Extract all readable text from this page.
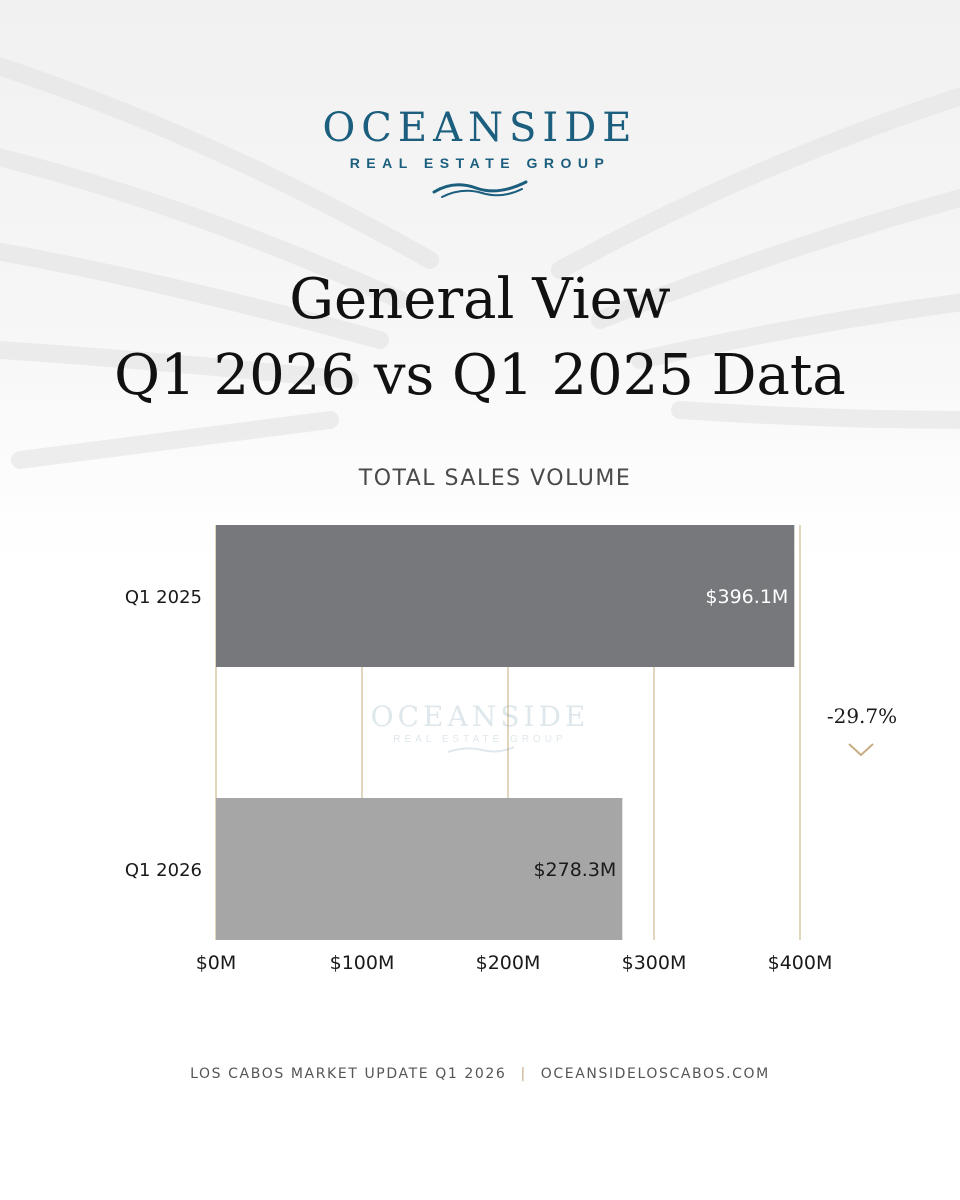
OCEANSIDE
REAL ESTATE GROUP
General View
Q1 2026 vs Q1 2025 Data
TOTAL SALES VOLUME
OCEANSIDE
REAL ESTATE GROUP
$396.1M
Q1 2025
$278.3M
Q1 2026
$0M	$100M	$200M	$300M	$400M
-29.7%
LOS CABOS MARKET UPDATE Q1 2026 | OCEANSIDELOSCABOS.COM
